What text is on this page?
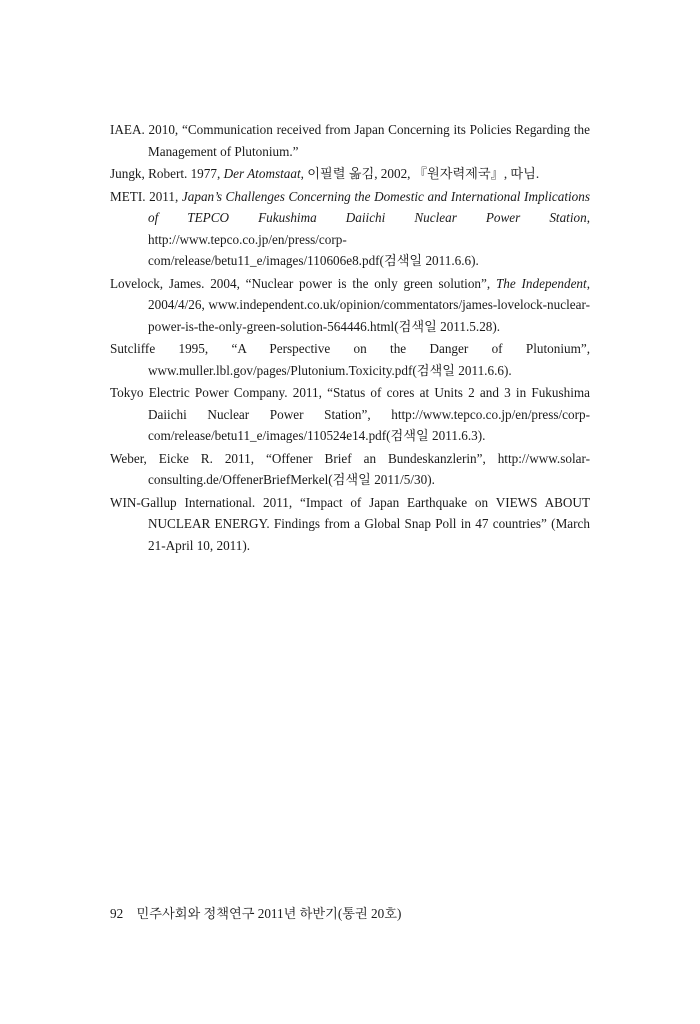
IAEA. 2010, “Communication received from Japan Concerning its Policies Regarding the Management of Plutonium.”
Jungk, Robert. 1977, Der Atomstaat, 이필렬 옮김, 2002, 『원자력제국』, 따님.
METI. 2011, Japan’s Challenges Concerning the Domestic and International Implications of TEPCO Fukushima Daiichi Nuclear Power Station, http://www.tepco.co.jp/en/press/corp-com/release/betu11_e/images/110606e8.pdf(검색일 2011.6.6).
Lovelock, James. 2004, “Nuclear power is the only green solution”, The Independent, 2004/4/26, www.independent.co.uk/opinion/commentators/james-lovelock-nuclear-power-is-the-only-green-solution-564446.html(검색일 2011.5.28).
Sutcliffe 1995, “A Perspective on the Danger of Plutonium”, www.muller.lbl.gov/pages/Plutonium.Toxicity.pdf(검색일 2011.6.6).
Tokyo Electric Power Company. 2011, “Status of cores at Units 2 and 3 in Fukushima Daiichi Nuclear Power Station”, http://www.tepco.co.jp/en/press/corp-com/release/betu11_e/images/110524e14.pdf(검색일 2011.6.3).
Weber, Eicke R. 2011, “Offener Brief an Bundeskanzlerin”, http://www.solar-consulting.de/OffenerBriefMerkel(검색일 2011/5/30).
WIN-Gallup International. 2011, “Impact of Japan Earthquake on VIEWS ABOUT NUCLEAR ENERGY. Findings from a Global Snap Poll in 47 countries” (March 21-April 10, 2011).
92 민주사회와 정책연구 2011년 하반기(통권 20호)
